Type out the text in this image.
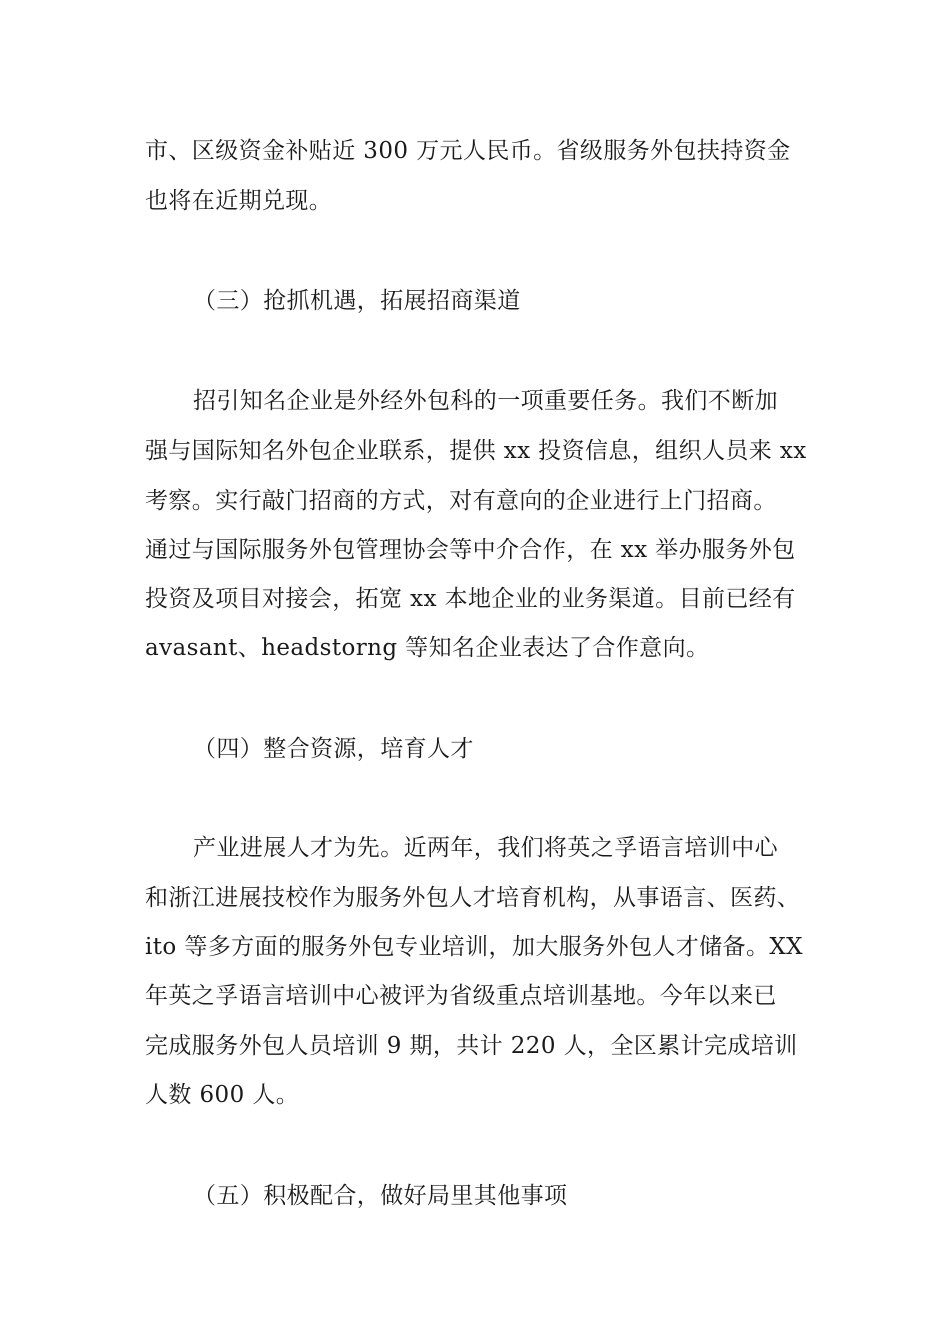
市、区级资金补贴近 300 万元人民币。省级服务外包扶持资金
也将在近期兑现。
（三）抢抓机遇，拓展招商渠道
招引知名企业是外经外包科的一项重要任务。我们不断加
强与国际知名外包企业联系，提供 xx 投资信息，组织人员来 xx
考察。实行敲门招商的方式，对有意向的企业进行上门招商。
通过与国际服务外包管理协会等中介合作，在 xx 举办服务外包
投资及项目对接会，拓宽 xx 本地企业的业务渠道。目前已经有
avasant、headstorng 等知名企业表达了合作意向。
（四）整合资源，培育人才
产业进展人才为先。近两年，我们将英之孚语言培训中心
和浙江进展技校作为服务外包人才培育机构，从事语言、医药、
ito 等多方面的服务外包专业培训，加大服务外包人才储备。XX
年英之孚语言培训中心被评为省级重点培训基地。今年以来已
完成服务外包人员培训 9 期，共计 220 人，全区累计完成培训
人数 600 人。
（五）积极配合，做好局里其他事项
